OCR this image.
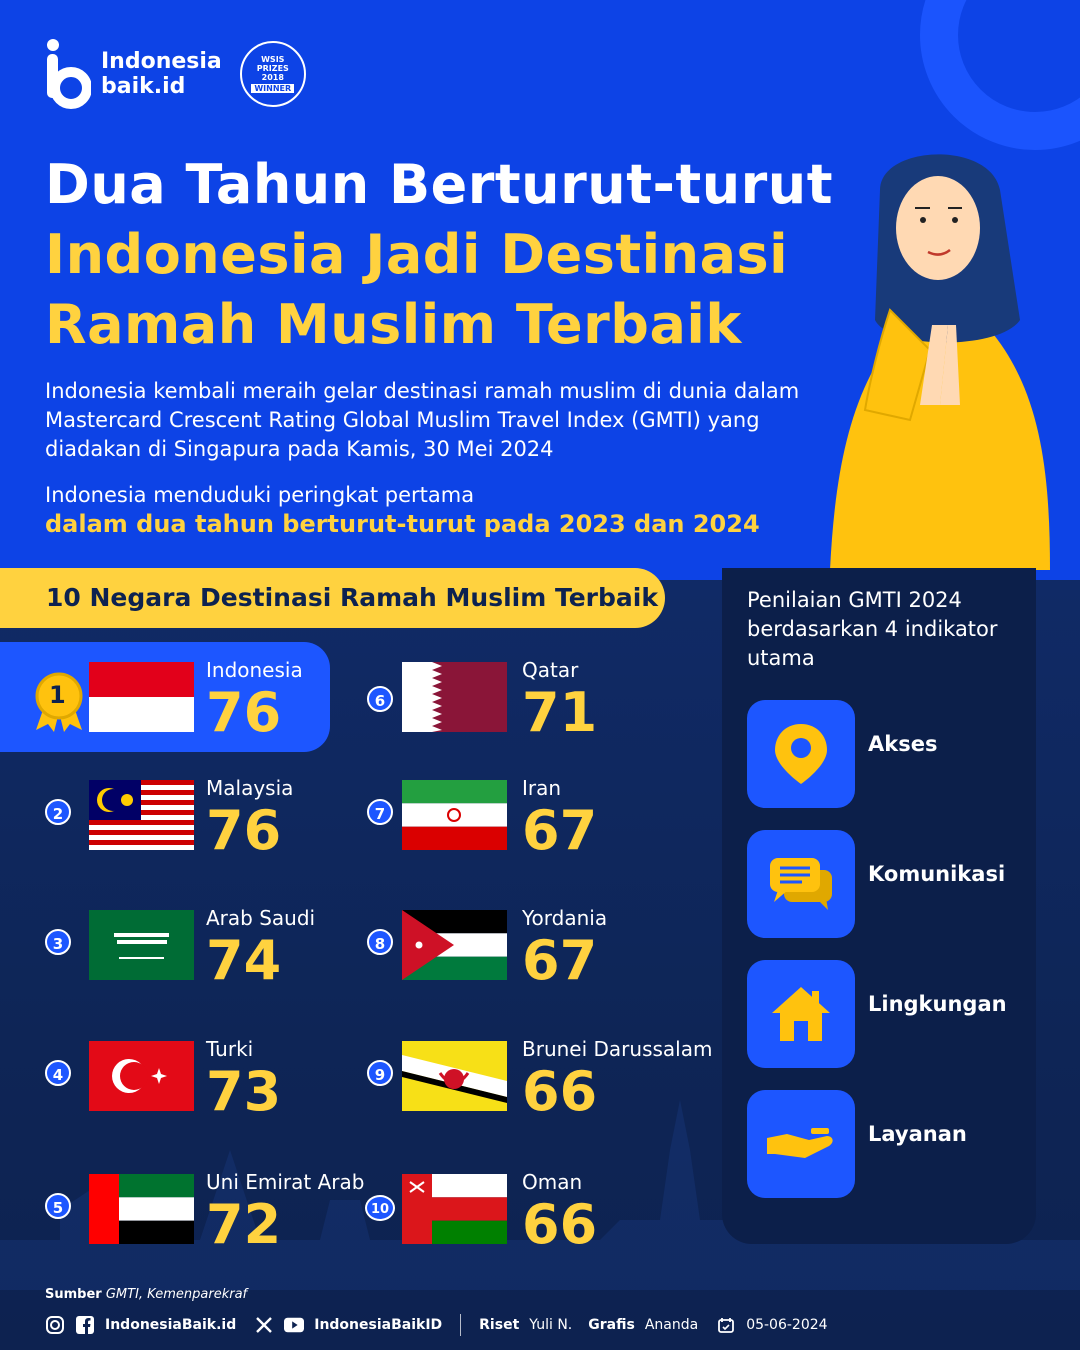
Indonesia
baik.id
WSIS
PRIZES
2018
WINNER
Dua Tahun Berturut-turut
Indonesia Jadi Destinasi
Ramah Muslim Terbaik

Indonesia kembali meraih gelar destinasi ramah muslim di dunia dalam Mastercard Crescent Rating Global Muslim Travel Index (GMTI) yang diadakan di Singapura pada Kamis, 30 Mei 2024

Indonesia menduduki peringkat pertama
dalam dua tahun berturut-turut pada 2023 dan 2024

10 Negara Destinasi Ramah Muslim Terbaik
1
Indonesia
76
2
Malaysia
76
3
Arab Saudi
74
4
Turki
73
5
Uni Emirat Arab
72
6
Qatar
71
7
Iran
67
8
Yordania
67
9
Brunei Darussalam
66
10
Oman
66
Penilaian GMTI 2024 berdasarkan 4 indikator utama
Akses
Komunikasi
Lingkungan
Layanan
Sumber GMTI, Kemenparekraf
IndonesiaBaik.id	IndonesiaBaikID	Riset Yuli N. Grafis Ananda	05-06-2024
